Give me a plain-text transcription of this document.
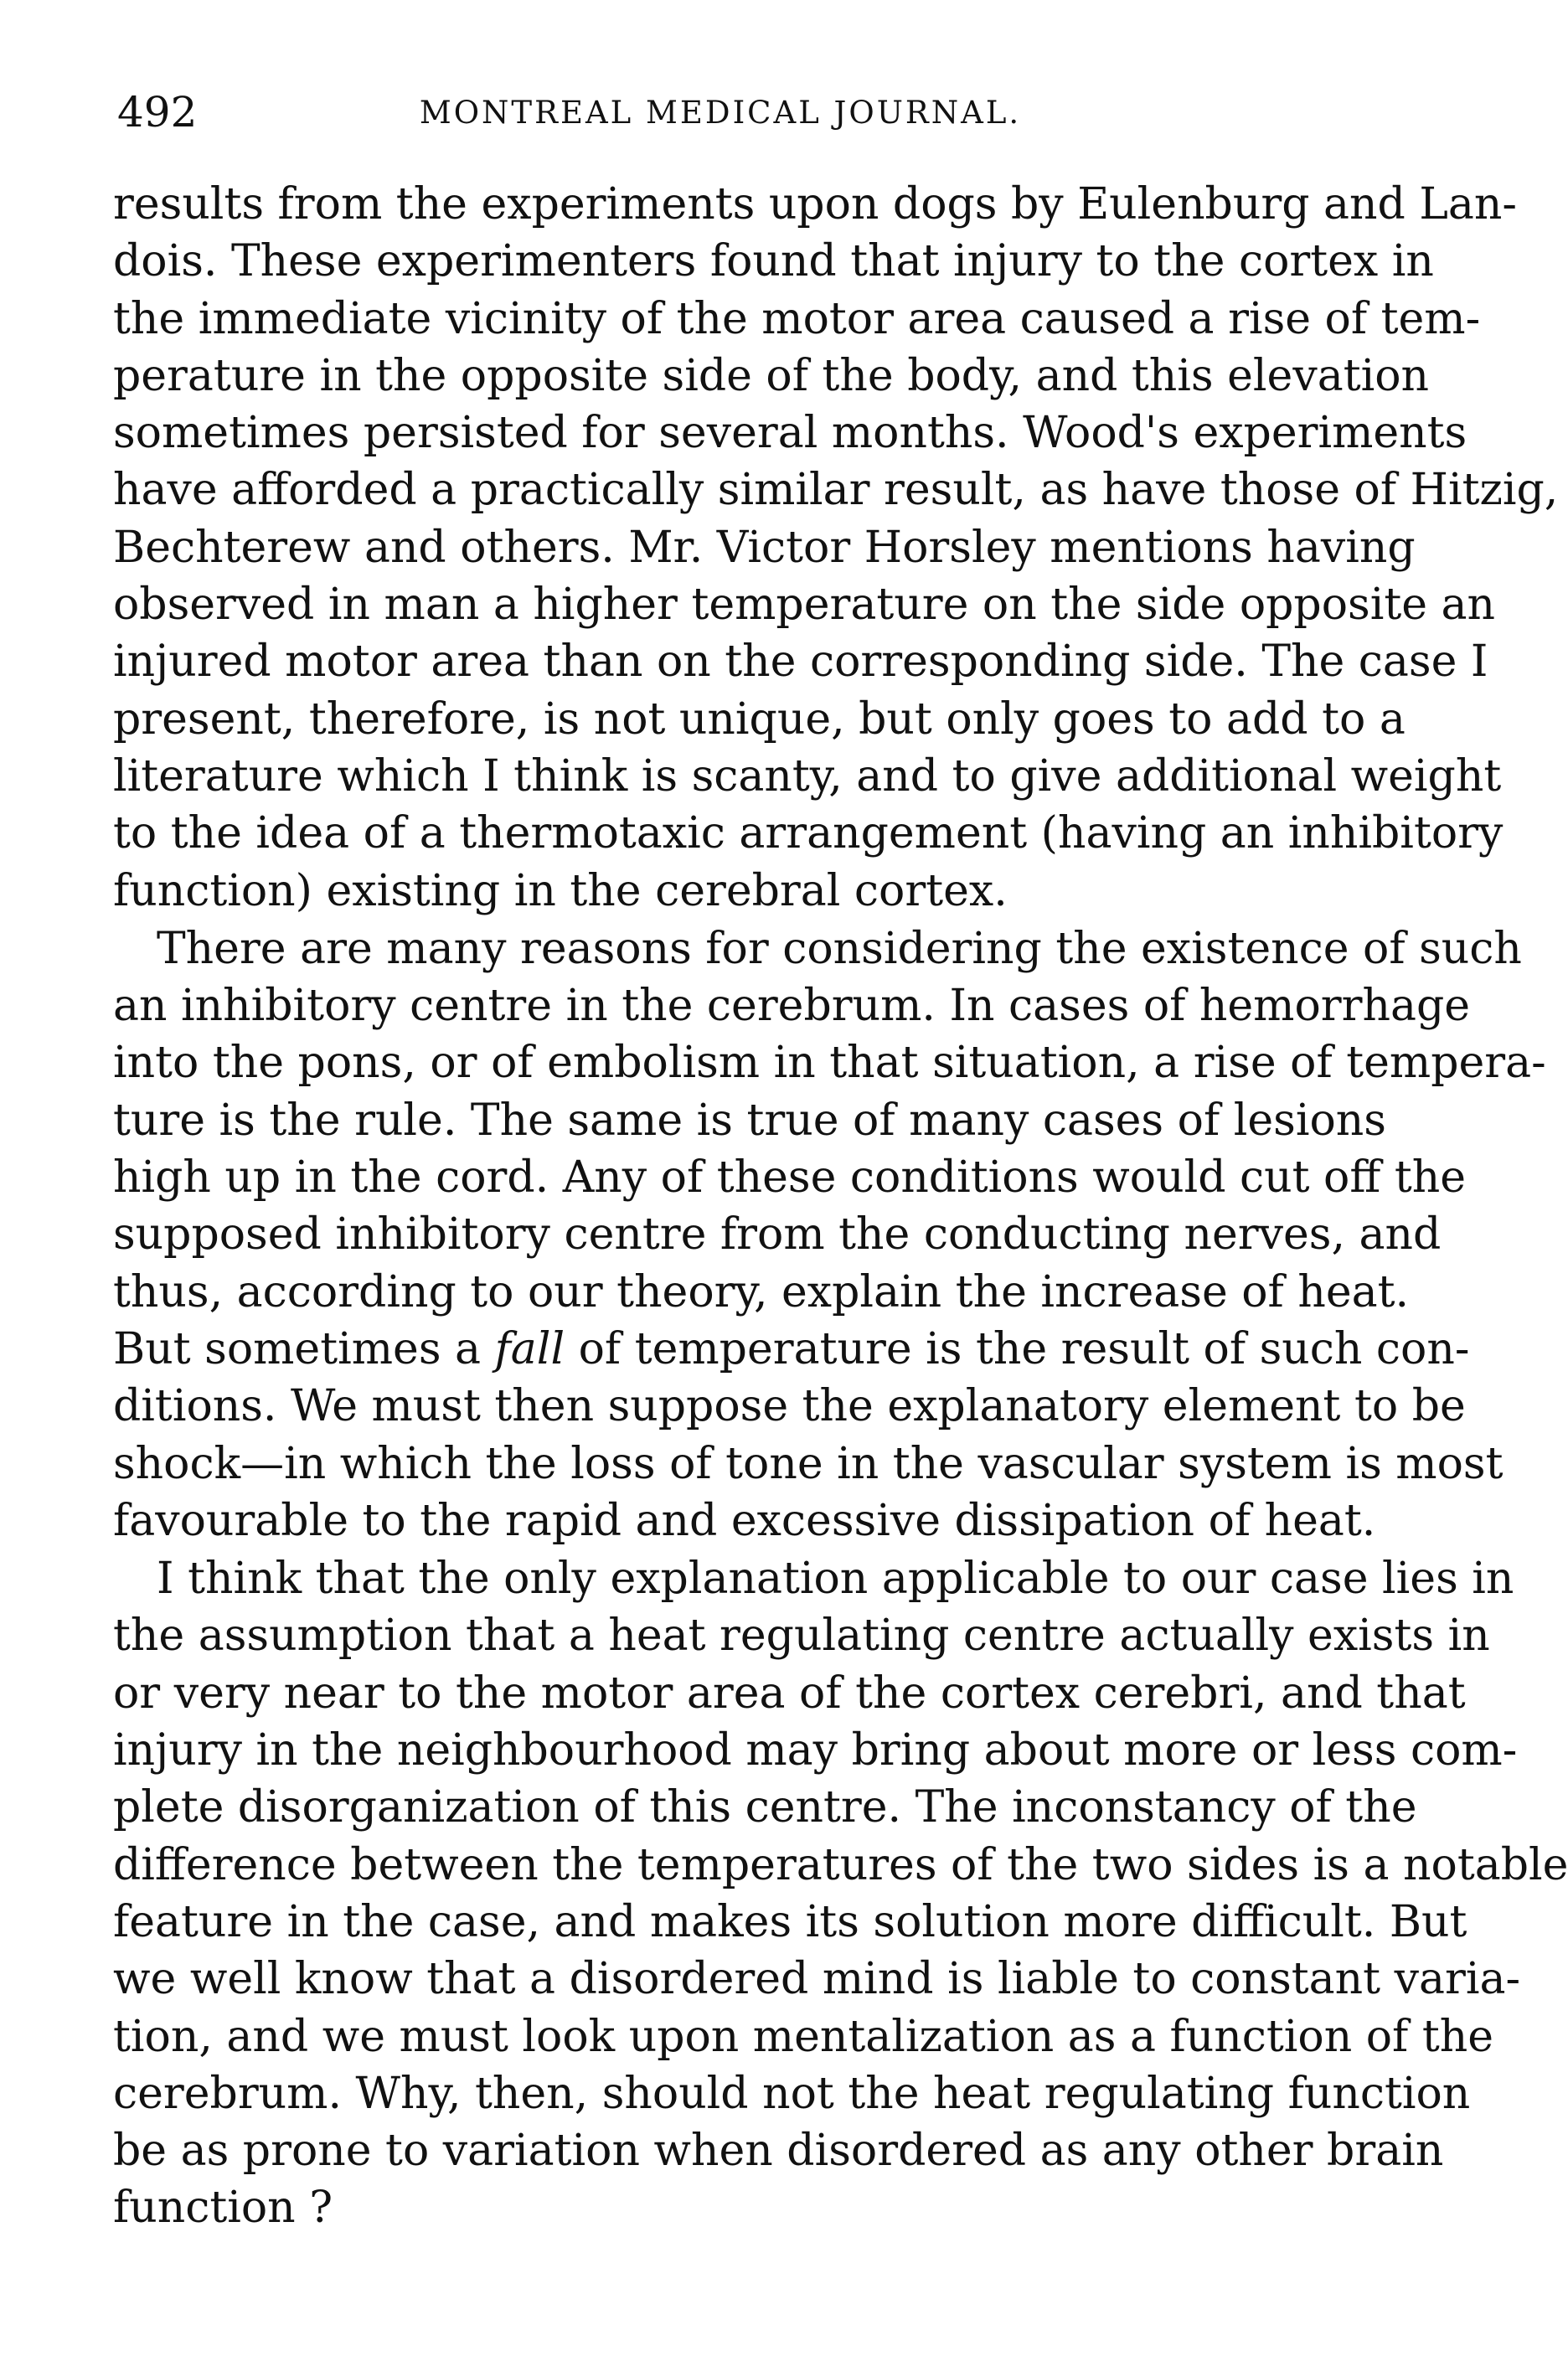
492	MONTREAL MEDICAL JOURNAL.
results from the experiments upon dogs by Eulenburg and Lan-
dois. These experimenters found that injury to the cortex in
the immediate vicinity of the motor area caused a rise of tem-
perature in the opposite side of the body, and this elevation
sometimes persisted for several months. Wood's experiments
have afforded a practically similar result, as have those of Hitzig,
Bechterew and others. Mr. Victor Horsley mentions having
observed in man a higher temperature on the side opposite an
injured motor area than on the corresponding side. The case I
present, therefore, is not unique, but only goes to add to a
literature which I think is scanty, and to give additional weight
to the idea of a thermotaxic arrangement (having an inhibitory
function) existing in the cerebral cortex.
There are many reasons for considering the existence of such
an inhibitory centre in the cerebrum. In cases of hemorrhage
into the pons, or of embolism in that situation, a rise of tempera-
ture is the rule. The same is true of many cases of lesions
high up in the cord. Any of these conditions would cut off the
supposed inhibitory centre from the conducting nerves, and
thus, according to our theory, explain the increase of heat.
But sometimes a fall of temperature is the result of such con-
ditions. We must then suppose the explanatory element to be
shock—in which the loss of tone in the vascular system is most
favourable to the rapid and excessive dissipation of heat.
I think that the only explanation applicable to our case lies in
the assumption that a heat regulating centre actually exists in
or very near to the motor area of the cortex cerebri, and that
injury in the neighbourhood may bring about more or less com-
plete disorganization of this centre. The inconstancy of the
difference between the temperatures of the two sides is a notable
feature in the case, and makes its solution more difficult. But
we well know that a disordered mind is liable to constant varia-
tion, and we must look upon mentalization as a function of the
cerebrum. Why, then, should not the heat regulating function
be as prone to variation when disordered as any other brain
function ?
